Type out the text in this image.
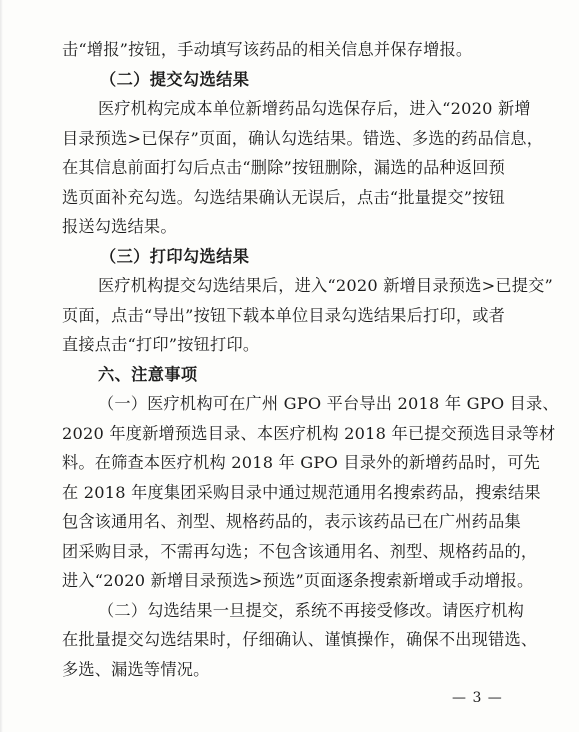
击“增报”按钮，手动填写该药品的相关信息并保存增报。
（二）提交勾选结果
医疗机构完成本单位新增药品勾选保存后，进入“2020 新增
目录预选>已保存”页面，确认勾选结果。错选、多选的药品信息，
在其信息前面打勾后点击“删除”按钮删除，漏选的品种返回预
选页面补充勾选。勾选结果确认无误后，点击“批量提交”按钮
报送勾选结果。
（三）打印勾选结果
医疗机构提交勾选结果后，进入“2020 新增目录预选>已提交”
页面，点击“导出”按钮下载本单位目录勾选结果后打印，或者
直接点击“打印”按钮打印。
六、注意事项
（一）医疗机构可在广州 GPO 平台导出 2018 年 GPO 目录、
2020 年度新增预选目录、本医疗机构 2018 年已提交预选目录等材
料。在筛查本医疗机构 2018 年 GPO 目录外的新增药品时，可先
在 2018 年度集团采购目录中通过规范通用名搜索药品，搜索结果
包含该通用名、剂型、规格药品的，表示该药品已在广州药品集
团采购目录，不需再勾选；不包含该通用名、剂型、规格药品的，
进入“2020 新增目录预选>预选”页面逐条搜索新增或手动增报。
（二）勾选结果一旦提交，系统不再接受修改。请医疗机构
在批量提交勾选结果时，仔细确认、谨慎操作，确保不出现错选、
多选、漏选等情况。
— 3 —
